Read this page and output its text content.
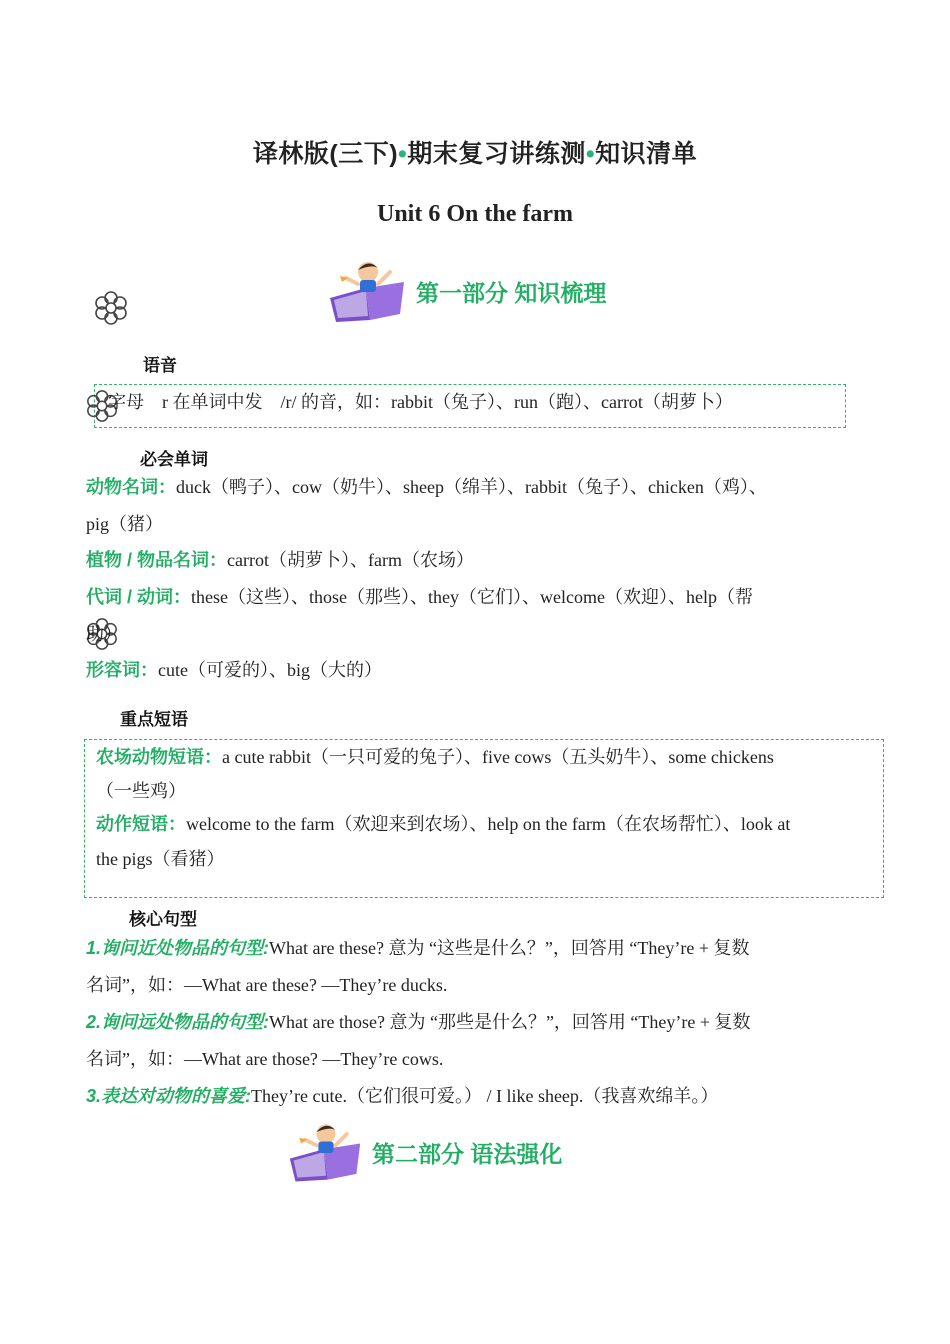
译林版(三下)•期末复习讲练测•知识清单
Unit 6 On the farm
第一部分 知识梳理
语音
字母　r 在单词中发　/r/ 的音，如：rabbit（兔子）、run（跑）、carrot（胡萝卜）
必会单词
动物名词：duck（鸭子）、cow（奶牛）、sheep（绵羊）、rabbit（兔子）、chicken（鸡）、
pig（猪）
植物 / 物品名词：carrot（胡萝卜）、farm（农场）
代词 / 动词：these（这些）、those（那些）、they（它们）、welcome（欢迎）、help（帮
助）
形容词：cute（可爱的）、big（大的）
重点短语
农场动物短语：a cute rabbit（一只可爱的兔子）、five cows（五头奶牛）、some chickens
（一些鸡）
动作短语：welcome to the farm（欢迎来到农场）、help on the farm（在农场帮忙）、look at
the pigs（看猪）
核心句型
1.询问近处物品的句型:What are these? 意为 “这些是什么？”，回答用 “They’re + 复数
名词”，如：—What are these? —They’re ducks.
2.询问远处物品的句型:What are those? 意为 “那些是什么？”，回答用 “They’re + 复数
名词”，如：—What are those? —They’re cows.
3.表达对动物的喜爱:They’re cute.（它们很可爱。） / I like sheep.（我喜欢绵羊。）
第二部分 语法强化
